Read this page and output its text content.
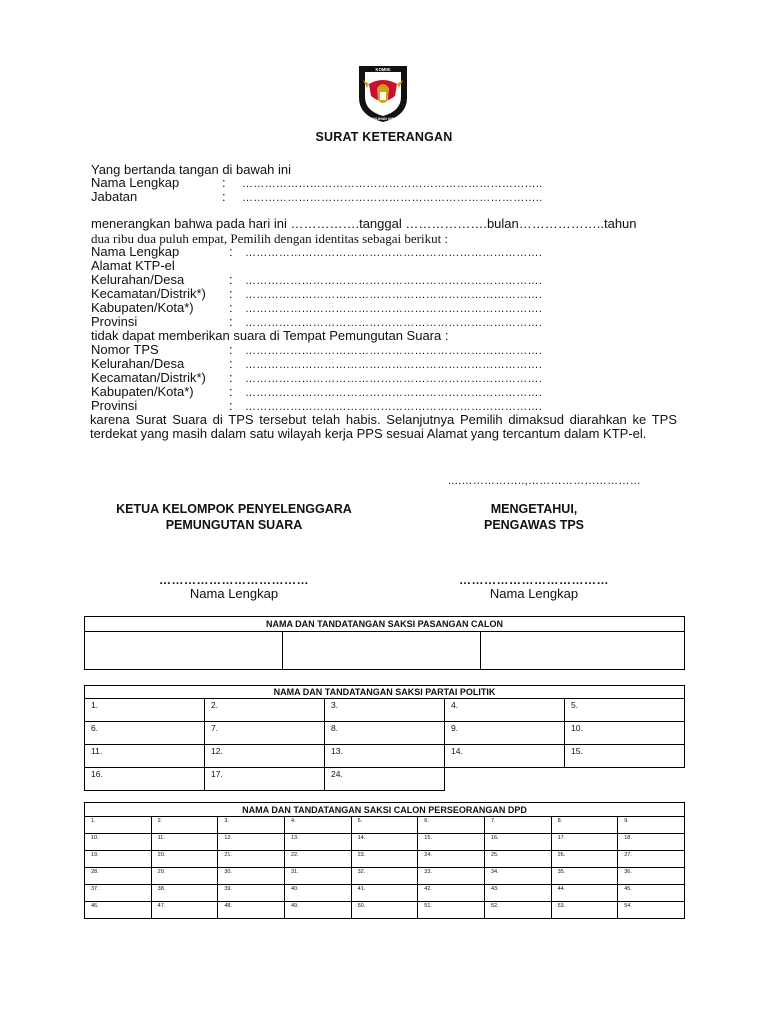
KOMISI
PEMILIHAN UMUM
SURAT KETERANGAN
Yang bertanda tangan di bawah ini
Nama Lengkap	: ……………………………………………………………………..
Jabatan	: ……………………………………………………………………..
menerangkan bahwa pada hari ini …………….tanggal ……………….bulan………………..tahun
dua ribu dua puluh empat, Pemilih dengan identitas sebagai berikut :
Nama Lengkap	: …………………………………………………………………….
Alamat KTP-el
Kelurahan/Desa	: …………………………………………………………………….
Kecamatan/Distrik*) : …………………………………………………………………….
Kabupaten/Kota*)	: …………………………………………………………………….
Provinsi	: …………………………………………………………………….
tidak dapat memberikan suara di Tempat Pemungutan Suara :
Nomor TPS	: …………………………………………………………………….
Kelurahan/Desa	: …………………………………………………………………….
Kecamatan/Distrik*) : …………………………………………………………………….
Kabupaten/Kota*)	: …………………………………………………………………….
Provinsi	: …………………………………………………………………….
karena Surat Suara di TPS tersebut telah habis. Selanjutnya Pemilih dimaksud diarahkan ke TPS terdekat yang masih dalam satu wilayah kerja PPS sesuai Alamat yang tercantum dalam KTP-el.
....……………..,…………………………
KETUA KELOMPOK PENYELENGGARA
PEMUNGUTAN SUARA
MENGETAHUI,
PENGAWAS TPS
………………………………	………………………………
Nama Lengkap	Nama Lengkap
NAMA DAN TANDATANGAN SAKSI PASANGAN CALON

NAMA DAN TANDATANGAN SAKSI PARTAI POLITIK				
1.	2.	3.	4.	5.
6.	7.	8.	9.	10.
11.	12.	13.	14.	15.
16.	17.	24.		
NAMA DAN TANDATANGAN SAKSI CALON PERSEORANGAN DPD								
1.	2.	3.	4.	5.	6.	7.	8.	9.
10.	11.	12.	13.	14.	15.	16.	17.	18.
19.	20.	21.	22.	23.	24.	25.	26.	27.
28.	29.	30.	31.	32.	33.	34.	35.	36.
37.	38.	39.	40.	41.	42.	43.	44.	45.
46.	47.	48.	49.	50.	51.	52.	53.	54.
